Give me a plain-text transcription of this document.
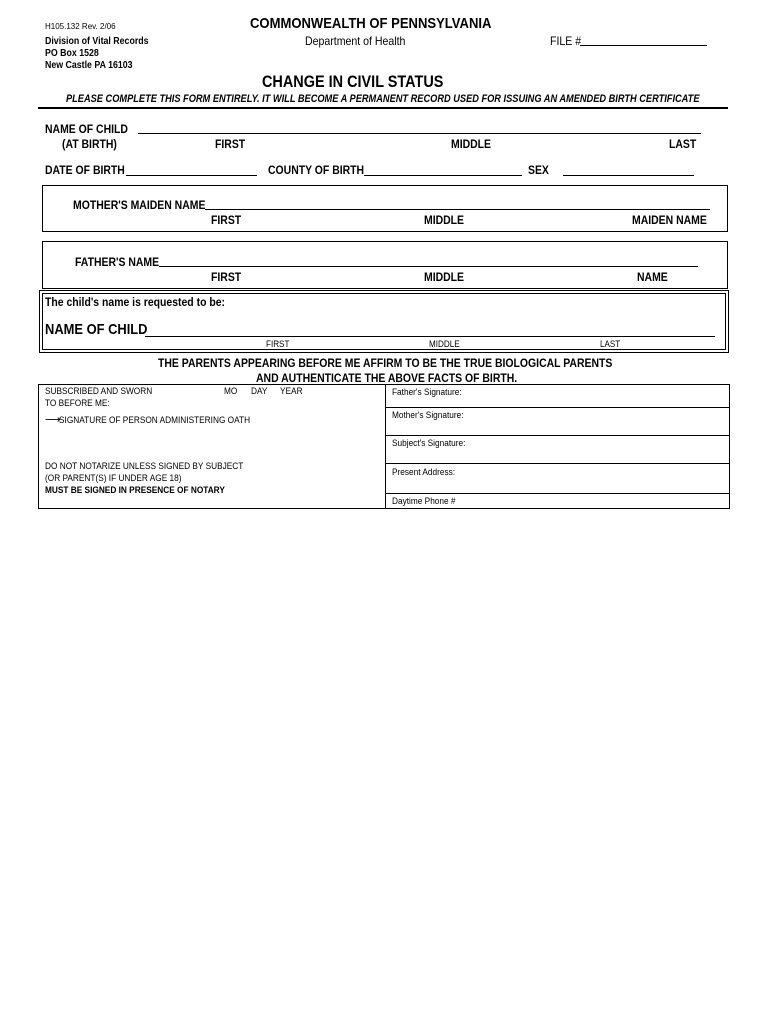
H105.132 Rev. 2/06
Division of Vital Records
PO Box 1528
New Castle PA 16103
COMMONWEALTH OF PENNSYLVANIA
Department of Health	FILE #
CHANGE IN CIVIL STATUS
PLEASE COMPLETE THIS FORM ENTIRELY. IT WILL BECOME A PERMANENT RECORD USED FOR ISSUING AN AMENDED BIRTH CERTIFICATE
NAME OF CHILD
(AT BIRTH)	FIRST	MIDDLE	LAST
DATE OF BIRTH	COUNTY OF BIRTH	SEX
MOTHER'S MAIDEN NAME
FIRST	MIDDLE	MAIDEN NAME
FATHER'S NAME
FIRST	MIDDLE	NAME
The child's name is requested to be:
NAME OF CHILD
FIRST	MIDDLE	LAST
THE PARENTS APPEARING BEFORE ME AFFIRM TO BE THE TRUE BIOLOGICAL PARENTS
AND AUTHENTICATE THE ABOVE FACTS OF BIRTH.
SUBSCRIBED AND SWORN
TO BEFORE ME:
MO DAY YEAR
⟶
SIGNATURE OF PERSON ADMINISTERING OATH
DO NOT NOTARIZE UNLESS SIGNED BY SUBJECT
(OR PARENT(S) IF UNDER AGE 18)
MUST BE SIGNED IN PRESENCE OF NOTARY
Father's Signature:
Mother's Signature:
Subject's Signature:
Present Address:
Daytime Phone #
